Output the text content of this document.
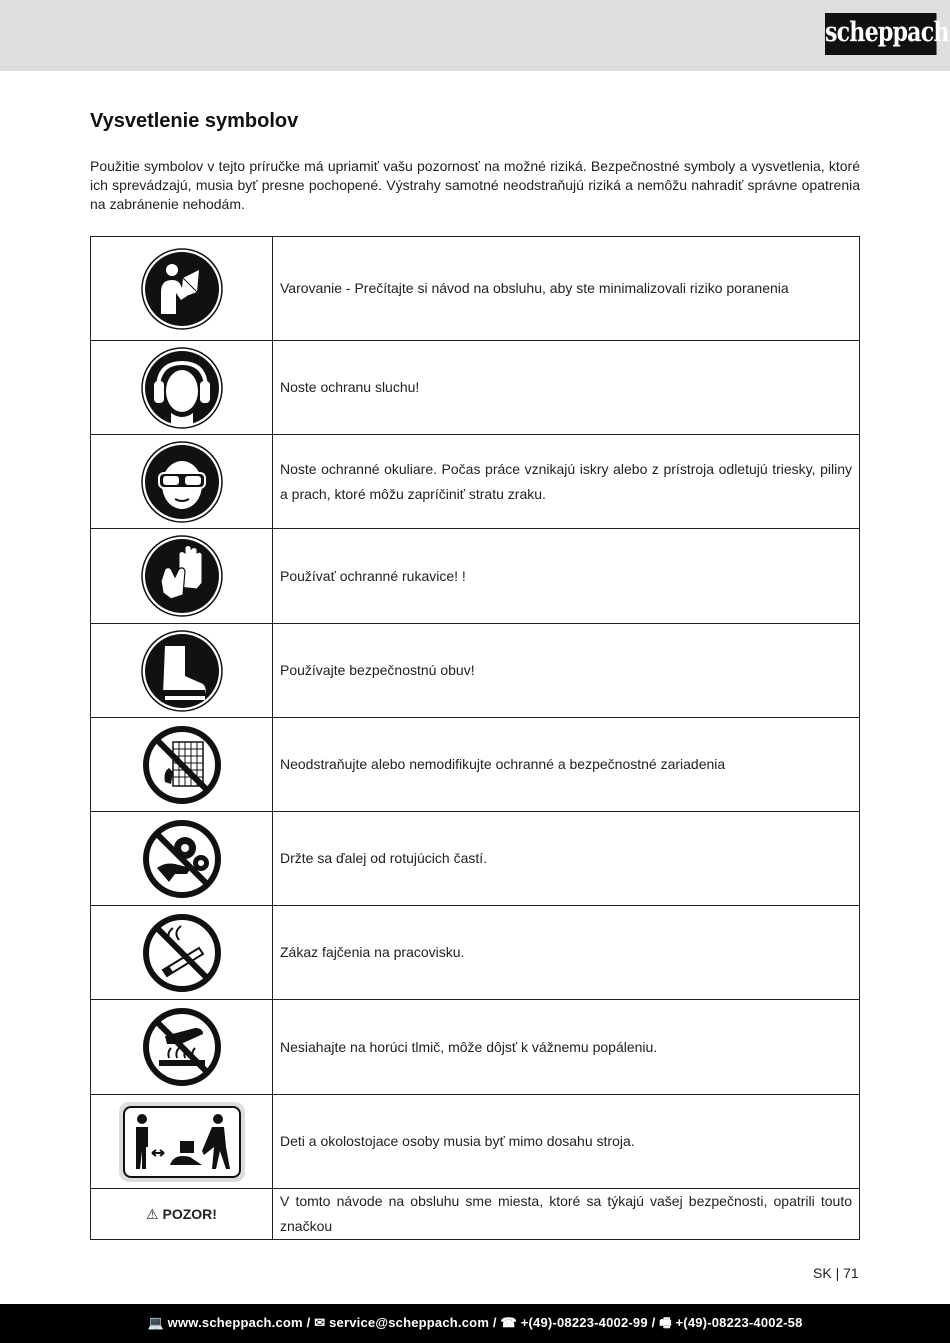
scheppach
Vysvetlenie symbolov
Použitie symbolov v tejto príručke má upriamiť vašu pozornosť na možné riziká. Bezpečnostné symboly a vysvetlenia, ktoré ich sprevádzajú, musia byť presne pochopené. Výstrahy samotné neodstraňujú riziká a nemôžu nahradiť správne opatrenia na zabránenie nehodám.

Varovanie - Prečítajte si návod na obsluhu, aby ste minimalizovali riziko poranenia

Noste ochranu sluchu!

Noste ochranné okuliare. Počas práce vznikajú iskry alebo z prístroja odletujú triesky, piliny a prach, ktoré môžu zapríčiniť stratu zraku.

Používať ochranné rukavice! !

Používajte bezpečnostnú obuv!

Neodstraňujte alebo nemodifikujte ochranné a bezpečnostné zariadenia

Držte sa ďalej od rotujúcich častí.

Zákaz fajčenia na pracovisku.

Nesiahajte na horúci tlmič, môže dôjsť k vážnemu popáleniu.

Deti a okolostojace osoby musia byť mimo dosahu stroja.

⚠ POZOR!	V tomto návode na obsluhu sme miesta, ktoré sa týkajú vašej bezpečnosti, opatrili touto značkou
SK | 71
💻 www.scheppach.com / ✉ service@scheppach.com / ☎ +(49)-08223-4002-99 / 🖷 +(49)-08223-4002-58
